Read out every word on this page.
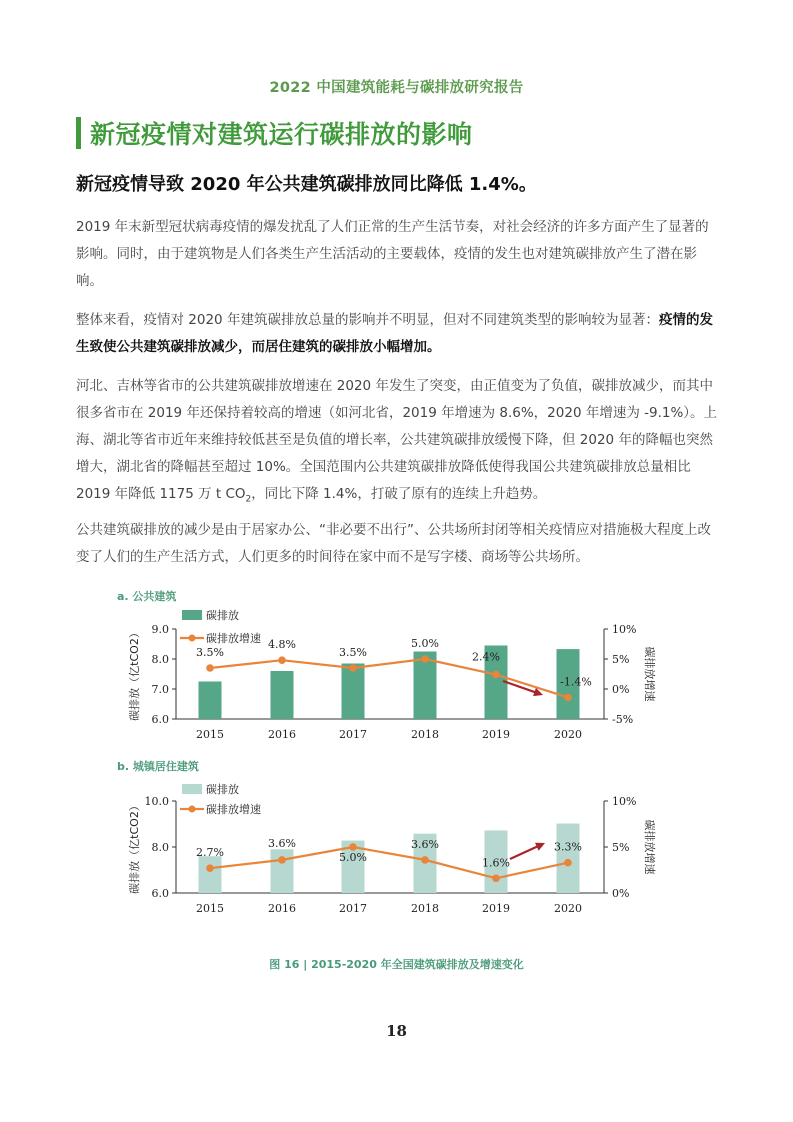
2022 中国建筑能耗与碳排放研究报告
新冠疫情对建筑运行碳排放的影响
新冠疫情导致 2020 年公共建筑碳排放同比降低 1.4%。

2019 年末新型冠状病毒疫情的爆发扰乱了人们正常的生产生活节奏，对社会经济的许多方面产生了显著的影响。同时，由于建筑物是人们各类生产生活活动的主要载体，疫情的发生也对建筑碳排放产生了潜在影响。

整体来看，疫情对 2020 年建筑碳排放总量的影响并不明显，但对不同建筑类型的影响较为显著：疫情的发生致使公共建筑碳排放减少，而居住建筑的碳排放小幅增加。

河北、吉林等省市的公共建筑碳排放增速在 2020 年发生了突变，由正值变为了负值，碳排放减少，而其中很多省市在 2019 年还保持着较高的增速（如河北省，2019 年增速为 8.6%，2020 年增速为 -9.1%）。上海、湖北等省市近年来维持较低甚至是负值的增长率，公共建筑碳排放缓慢下降，但 2020 年的降幅也突然增大，湖北省的降幅甚至超过 10%。全国范围内公共建筑碳排放降低使得我国公共建筑碳排放总量相比 2019 年降低 1175 万 t $CO_2$，同比下降 1.4%，打破了原有的连续上升趋势。

公共建筑碳排放的减少是由于居家办公、“非必要不出行”、公共场所封闭等相关疫情应对措施极大程度上改变了人们的生产生活方式，人们更多的时间待在家中而不是写字楼、商场等公共场所。

a. 公共建筑
6.0
7.0
8.0
9.0
-5%
0%
5%
10%
碳排放（亿tCO2）	碳排放增速
2015	2016	2017	2018	2019	2020
3.5%
4.8%
3.5%
5.0%
2.4%
-1.4%
碳排放
碳排放增速
b. 城镇居住建筑
6.0
8.0
10.0
0%
5%
10%
碳排放（亿tCO2）	碳排放增速
2015	2016	2017	2018	2019	2020
2.7%
3.6%
5.0%
3.6%
1.6%
3.3%
碳排放
碳排放增速
图 16 | 2015-2020 年全国建筑碳排放及增速变化
18
